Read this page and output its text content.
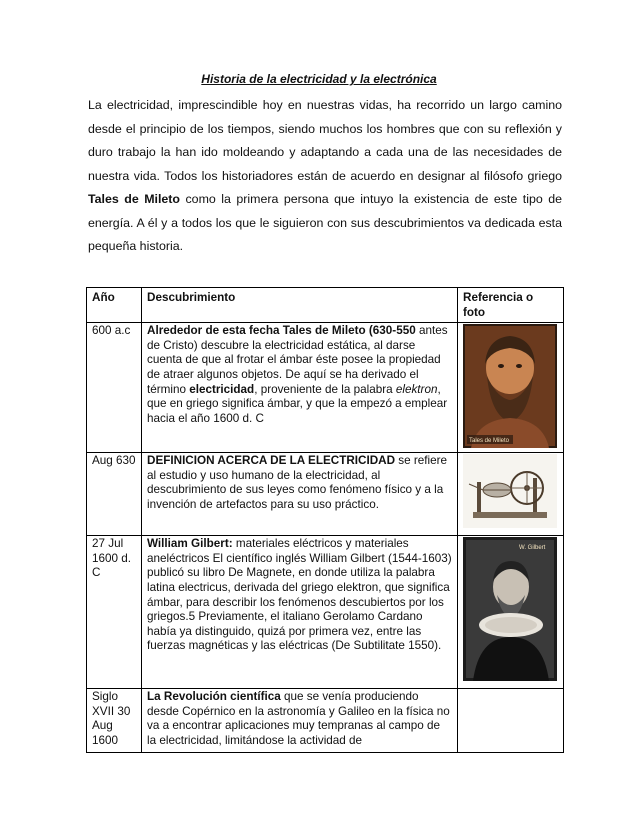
Historia de la electricidad y la electrónica

La electricidad, imprescindible hoy en nuestras vidas, ha recorrido un largo camino desde el principio de los tiempos, siendo muchos los hombres que con su reflexión y duro trabajo la han ido moldeando y adaptando a cada una de las necesidades de nuestra vida. Todos los historiadores están de acuerdo en designar al filósofo griego Tales de Mileto como la primera persona que intuyo la existencia de este tipo de energía. A él y a todos los que le siguieron con sus descubrimientos va dedicada esta pequeña historia.

Año	Descubrimiento	Referencia o foto
600 a.c	Alrededor de esta fecha Tales de Mileto (630-550 antes de Cristo) descubre la electricidad estática, al darse cuenta de que al frotar el ámbar éste posee la propiedad de atraer algunos objetos. De aquí se ha derivado el término electricidad, proveniente de la palabra elektron, que en griego significa ámbar, y que la empezó a emplear hacia el año 1600 d. C	Tales de Mileto

Aug 630	DEFINICION ACERCA DE LA ELECTRICIDAD se refiere al estudio y uso humano de la electricidad, al descubrimiento de sus leyes como fenómeno físico y a la invención de artefactos para su uso práctico.	

27 Jul 1600 d. C	William Gilbert: materiales eléctricos y materiales aneléctricos El científico inglés William Gilbert (1544-1603) publicó su libro De Magnete, en donde utiliza la palabra latina electricus, derivada del griego elektron, que significa ámbar, para describir los fenómenos descubiertos por los griegos.5 Previamente, el italiano Gerolamo Cardano había ya distinguido, quizá por primera vez, entre las fuerzas magnéticas y las eléctricas (De Subtilitate 1550).	W. Gilbert

Siglo XVII 30 Aug 1600	La Revolución científica que se venía produciendo desde Copérnico en la astronomía y Galileo en la física no va a encontrar aplicaciones muy tempranas al campo de la electricidad, limitándose la actividad de	
